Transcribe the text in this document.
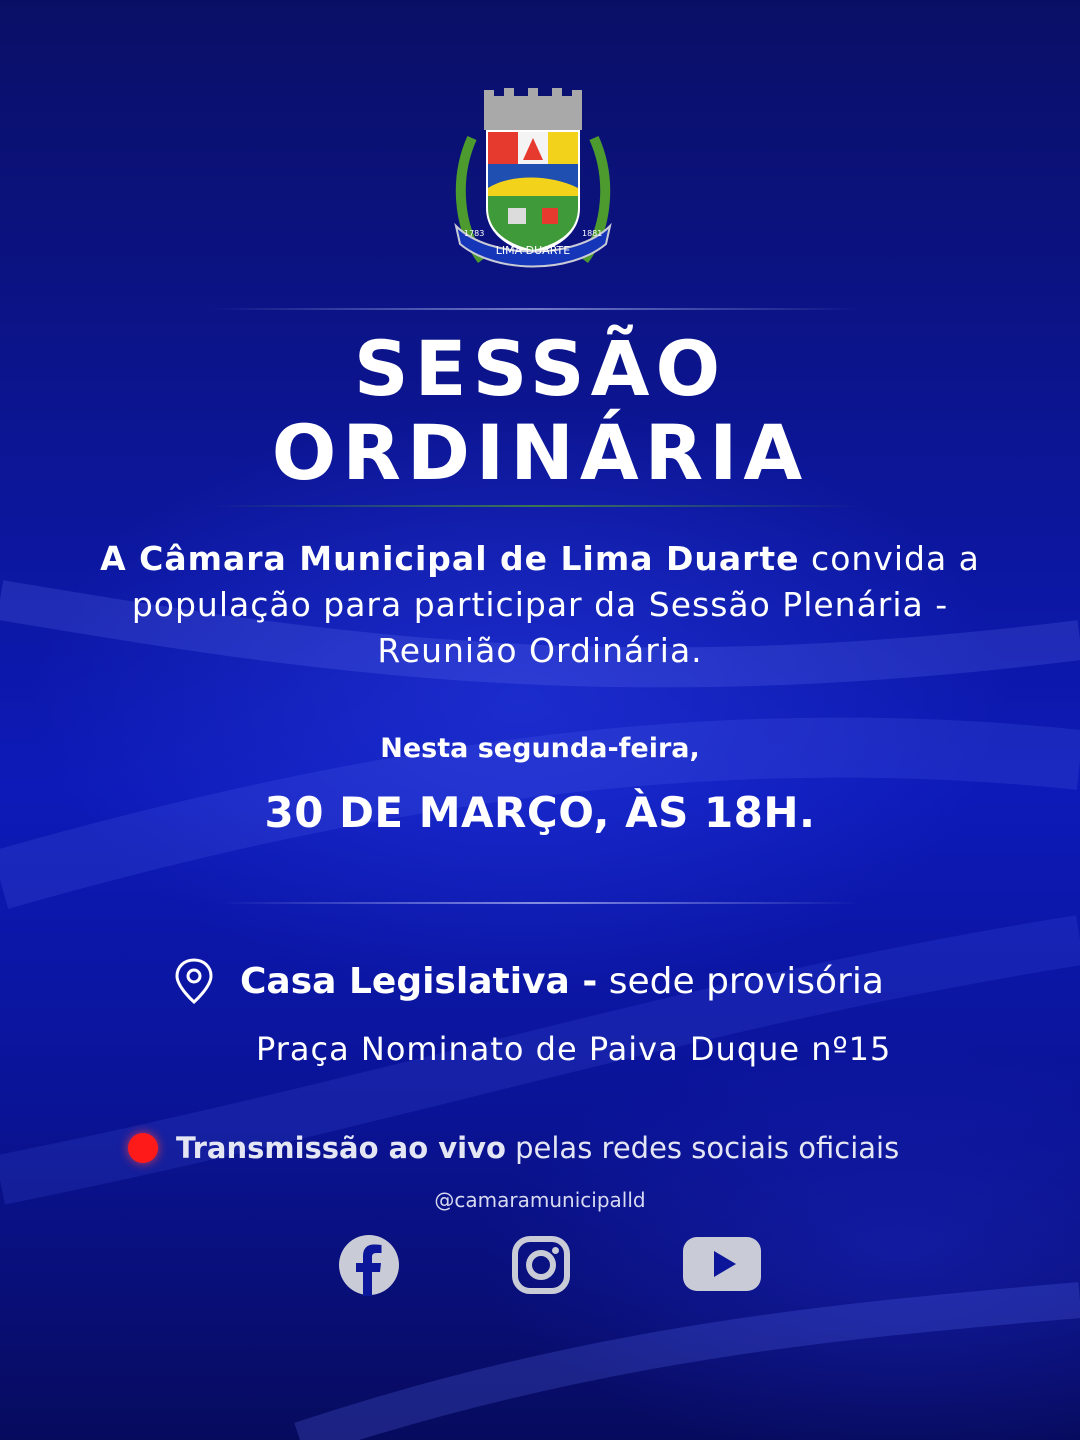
LIMA DUARTE
1783	1881
SESSÃO
ORDINÁRIA
A Câmara Municipal de Lima Duarte convida a população para participar da Sessão Plenária - Reunião Ordinária.
Nesta segunda-feira,
30 DE MARÇO, ÀS 18H.
Casa Legislativa - sede provisória
Praça Nominato de Paiva Duque nº15
Transmissão ao vivo pelas redes sociais oficiais
@camaramunicipalld
